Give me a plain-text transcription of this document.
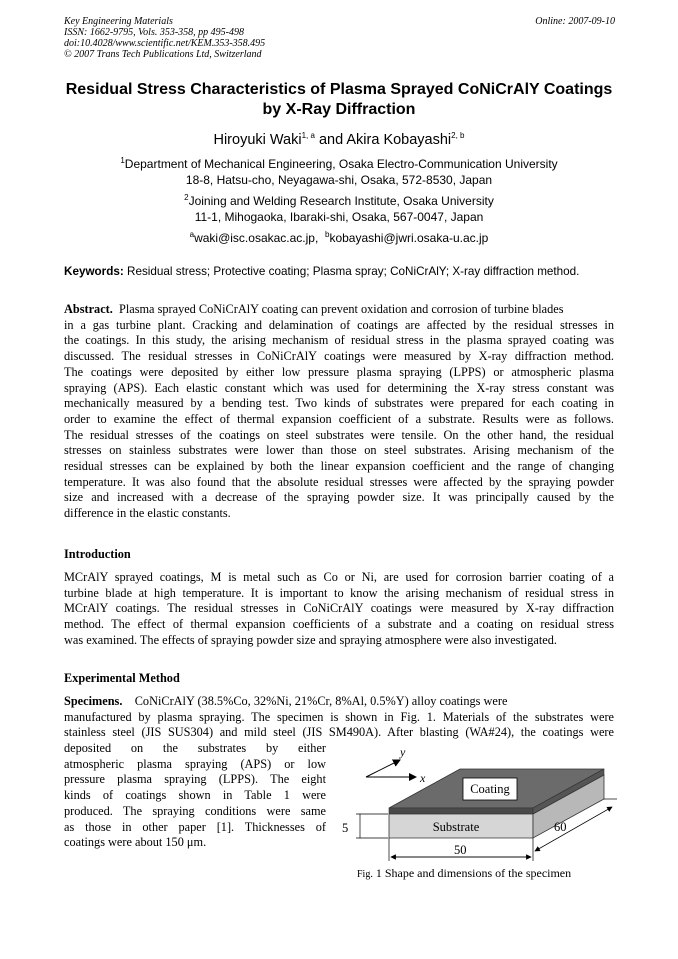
Key Engineering Materials
ISSN: 1662-9795, Vols. 353-358, pp 495-498
doi:10.4028/www.scientific.net/KEM.353-358.495
© 2007 Trans Tech Publications Ltd, Switzerland
Online: 2007-09-10
Residual Stress Characteristics of Plasma Sprayed CoNiCrAlY Coatings
by X-Ray Diffraction
Hiroyuki Waki$^{1, a}$ and Akira Kobayashi$^{2, b}$
$^1$Department of Mechanical Engineering, Osaka Electro-Communication University
18-8, Hatsu-cho, Neyagawa-shi, Osaka, 572-8530, Japan
$^2$Joining and Welding Research Institute, Osaka University
11-1, Mihogaoka, Ibaraki-shi, Osaka, 567-0047, Japan
$^a$waki@isc.osakac.ac.jp, $^b$kobayashi@jwri.osaka-u.ac.jp
Keywords: Residual stress; Protective coating; Plasma spray; CoNiCrAlY; X-ray diffraction method.
Abstract.  Plasma sprayed CoNiCrAlY coating can prevent oxidation and corrosion of turbine blades
in a gas turbine plant. Cracking and delamination of coatings are affected by the residual stresses in
the coatings. In this study, the arising mechanism of residual stress in the plasma sprayed coating was
discussed. The residual stresses in CoNiCrAlY coatings were measured by X-ray diffraction method.
The coatings were deposited by either low pressure plasma spraying (LPPS) or atmospheric plasma
spraying (APS). Each elastic constant which was used for determining the X-ray stress constant was
mechanically measured by a bending test. Two kinds of substrates were prepared for each coating in
order to examine the effect of thermal expansion coefficient of a substrate. Results were as follows.
The residual stresses of the coatings on steel substrates were tensile. On the other hand, the residual
stresses on stainless substrates were lower than those on steel substrates. Arising mechanism of the
residual stresses can be explained by both the linear expansion coefficient and the range of changing
temperature. It was also found that the absolute residual stresses were affected by the spraying powder
size and increased with a decrease of the spraying powder size. It was principally caused by the
difference in the elastic constants.
Introduction
MCrAlY sprayed coatings, M is metal such as Co or Ni, are used for corrosion barrier coating of a
turbine blade at high temperature. It is important to know the arising mechanism of residual stress in
MCrAlY coatings. The residual stresses in CoNiCrAlY coatings were measured by X-ray diffraction
method. The effect of thermal expansion coefficients of a substrate and a coating on residual stress
was examined. The effects of spraying powder size and spraying atmosphere were also investigated.
Experimental Method
Specimens.    CoNiCrAlY (38.5%Co, 32%Ni, 21%Cr, 8%Al, 0.5%Y) alloy coatings were
manufactured by plasma spraying. The specimen is shown in Fig. 1. Materials of the substrates were
stainless steel (JIS SUS304) and mild steel (JIS SM490A). After blasting (WA#24), the coatings were
deposited on the substrates by either
atmospheric plasma spraying (APS) or low
pressure plasma spraying (LPPS). The eight
kinds of coatings shown in Table 1 were
produced. The spraying conditions were same
as those in other paper [1]. Thicknesses of
coatings were about 150 μm.
y
x
Coating
Substrate
5
50
60
Fig. 1 Shape and dimensions of the specimen
